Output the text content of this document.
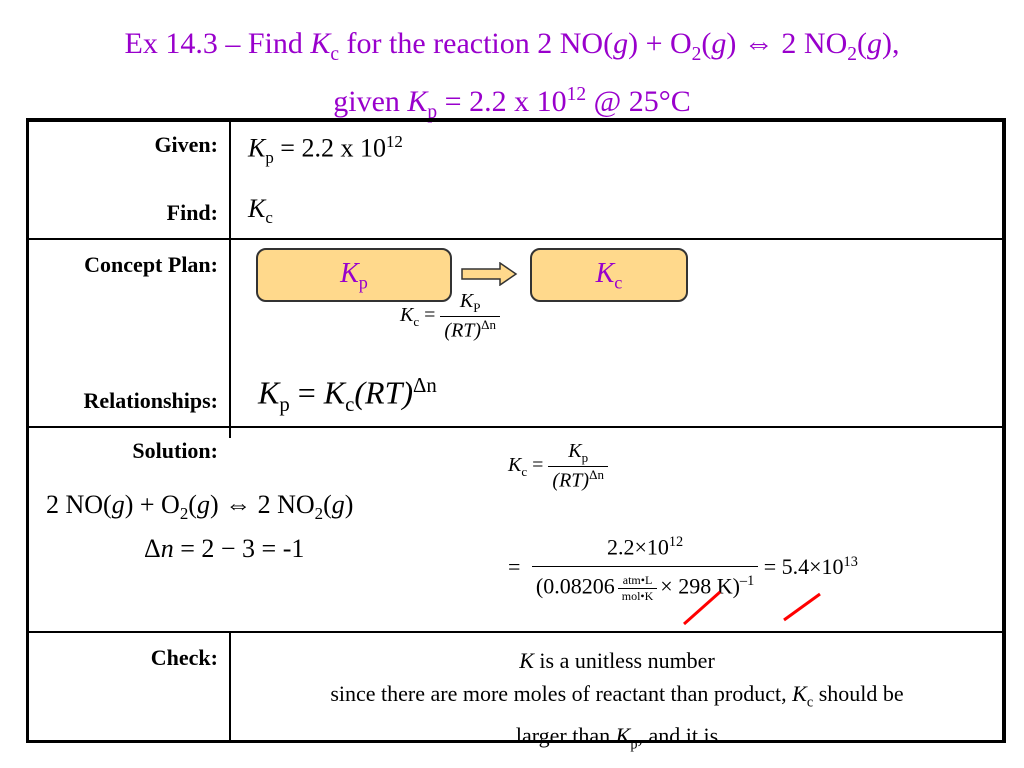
Ex 14.3 – Find $K_c$ for the reaction 2 $NO(g) + O_2(g)$ ⇔ 2 $NO_2(g)$,
given $K_p = 2.2$ x $10^{12}$ @ 25°C
Given:
Find:
Concept Plan:
Relationships:
Solution:
Check:
$K_p = 2.2$ x $10^{12}$
$K_c$
$K_p$	$K_c$
$K_c = \frac{K_P}{(RT)^{\Delta n}}$
$K_p = K_c(RT)^{\Delta n}$
2 $NO(g) + O_2(g)$ ⇔ 2 $NO_2(g)$
Δn = 2 − 3 = -1
$K_c = \frac{K_p}{(RT)^{\Delta n}}$
= $\frac{2.2\times 10^{12}}{(0.08206 \frac{\text{atm•L}}{\text{mol•K}} \times 298 K)^{-1}} = 5.4\times 10^{13}$
K is a unitless number
since there are more moles of reactant than product, $K_c$ should be
larger than $K_p$, and it is
